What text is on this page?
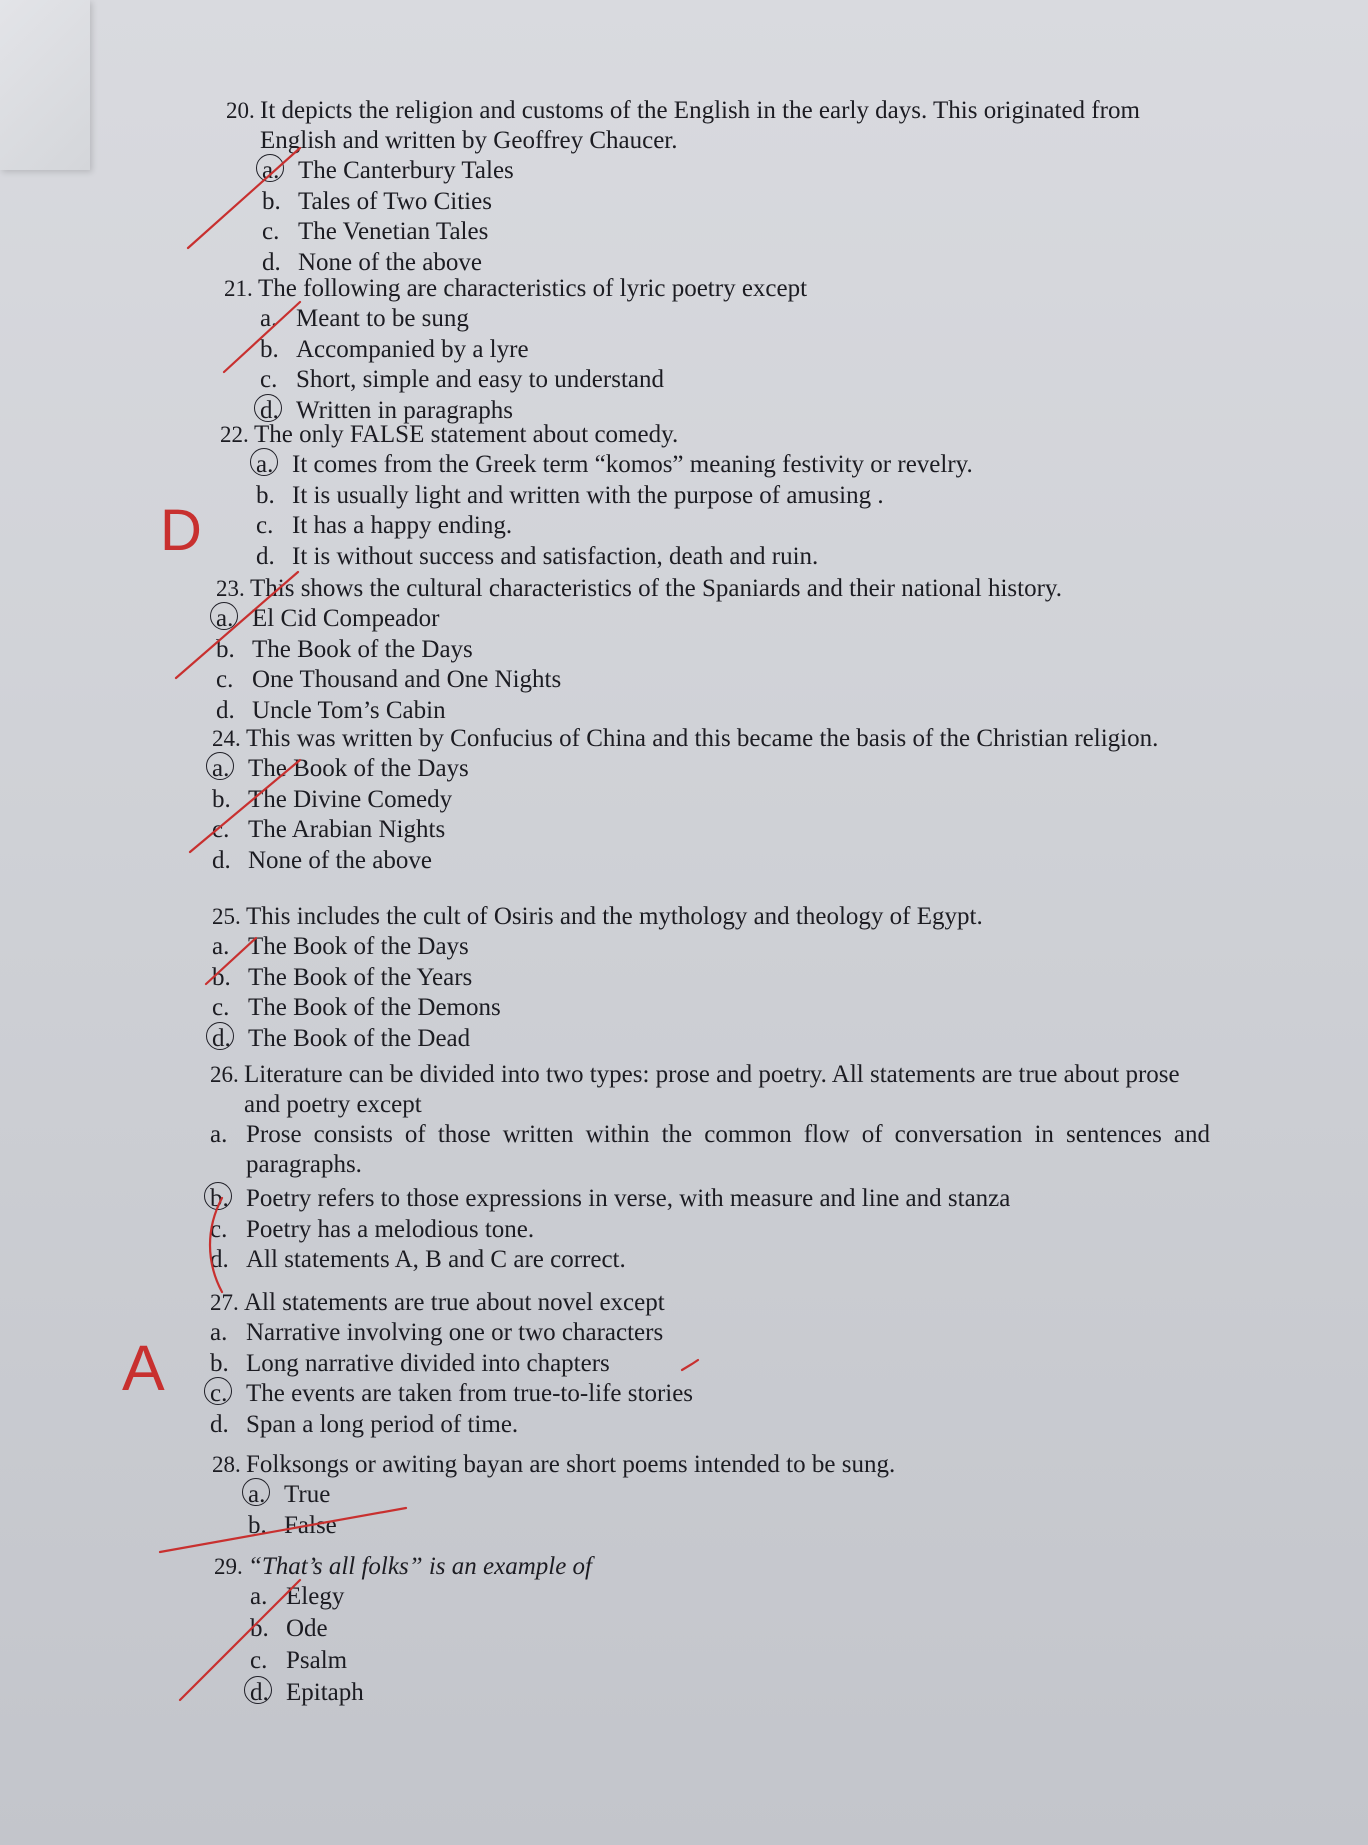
20. It depicts the religion and customs of the English in the early days. This originated from English and written by Geoffrey Chaucer.
a. The Canterbury Tales
b. Tales of Two Cities
c. The Venetian Tales
d. None of the above
21. The following are characteristics of lyric poetry except
a. Meant to be sung
b. Accompanied by a lyre
c. Short, simple and easy to understand
d. Written in paragraphs
22. The only FALSE statement about comedy.
a. It comes from the Greek term “komos” meaning festivity or revelry.
b. It is usually light and written with the purpose of amusing .
c. It has a happy ending.
d. It is without success and satisfaction, death and ruin.
23. This shows the cultural characteristics of the Spaniards and their national history.
a. El Cid Compeador
b. The Book of the Days
c. One Thousand and One Nights
d. Uncle Tom’s Cabin
24. This was written by Confucius of China and this became the basis of the Christian religion.
a. The Book of the Days
b. The Divine Comedy
c. The Arabian Nights
d. None of the above
25. This includes the cult of Osiris and the mythology and theology of Egypt.
a. The Book of the Days
b. The Book of the Years
c. The Book of the Demons
d. The Book of the Dead
26. Literature can be divided into two types: prose and poetry. All statements are true about prose and poetry except
a. Prose consists of those written within the common flow of conversation in sentences and paragraphs.
b. Poetry refers to those expressions in verse, with measure and line and stanza
c. Poetry has a melodious tone.
d. All statements A, B and C are correct.
27. All statements are true about novel except
a. Narrative involving one or two characters
b. Long narrative divided into chapters
c. The events are taken from true-to-life stories
d. Span a long period of time.
28. Folksongs or awiting bayan are short poems intended to be sung.
a. True
b. False
29. “That’s all folks” is an example of
a. Elegy
b. Ode
c. Psalm
d. Epitaph
D
A
